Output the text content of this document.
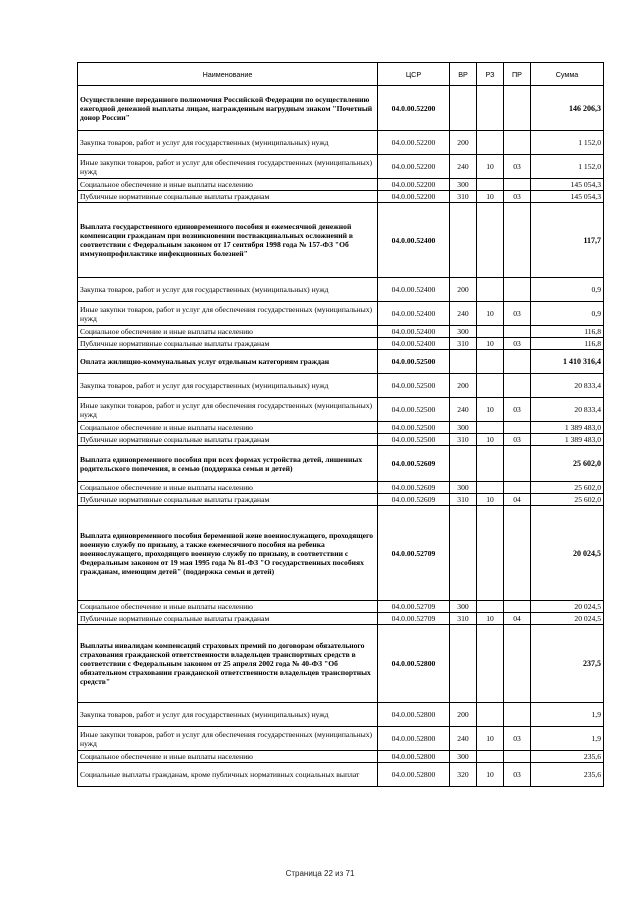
Наименование	ЦСР	ВР	РЗ	ПР	Сумма
Осуществление переданного полномочия Российской Федерации по осуществлению ежегодной денежной выплаты лицам, награжденным нагрудным знаком "Почетный донор России"	04.0.00.52200				146 206,3
Закупка товаров, работ и услуг для государственных (муниципальных) нужд	04.0.00.52200	200			1 152,0
Иные закупки товаров, работ и услуг для обеспечения государственных (муниципальных) нужд	04.0.00.52200	240	10	03	1 152,0
Социальное обеспечение и иные выплаты населению	04.0.00.52200	300			145 054,3
Публичные нормативные социальные выплаты гражданам	04.0.00.52200	310	10	03	145 054,3
Выплата государственного единовременного пособия и ежемесячной денежной компенсации гражданам при возникновении поствакцинальных осложнений в соответствии с Федеральным законом от 17 сентября 1998 года № 157-ФЗ "Об иммунопрофилактике инфекционных болезней"	04.0.00.52400				117,7
Закупка товаров, работ и услуг для государственных (муниципальных) нужд	04.0.00.52400	200			0,9
Иные закупки товаров, работ и услуг для обеспечения государственных (муниципальных) нужд	04.0.00.52400	240	10	03	0,9
Социальное обеспечение и иные выплаты населению	04.0.00.52400	300			116,8
Публичные нормативные социальные выплаты гражданам	04.0.00.52400	310	10	03	116,8
Оплата жилищно-коммунальных услуг отдельным категориям граждан	04.0.00.52500				1 410 316,4
Закупка товаров, работ и услуг для государственных (муниципальных) нужд	04.0.00.52500	200			20 833,4
Иные закупки товаров, работ и услуг для обеспечения государственных (муниципальных) нужд	04.0.00.52500	240	10	03	20 833,4
Социальное обеспечение и иные выплаты населению	04.0.00.52500	300			1 389 483,0
Публичные нормативные социальные выплаты гражданам	04.0.00.52500	310	10	03	1 389 483,0
Выплата единовременного пособия при всех формах устройства детей, лишенных родительского попечения, в семью (поддержка семьи и детей)	04.0.00.52609				25 602,0
Социальное обеспечение и иные выплаты населению	04.0.00.52609	300			25 602,0
Публичные нормативные социальные выплаты гражданам	04.0.00.52609	310	10	04	25 602,0
Выплата единовременного пособия беременной жене военнослужащего, проходящего военную службу по призыву, а также ежемесячного пособия на ребенка военнослужащего, проходящего военную службу по призыву, в соответствии с Федеральным законом от 19 мая 1995 года № 81-ФЗ "О государственных пособиях гражданам, имеющим детей" (поддержка семьи и детей)	04.0.00.52709				20 024,5
Социальное обеспечение и иные выплаты населению	04.0.00.52709	300			20 024,5
Публичные нормативные социальные выплаты гражданам	04.0.00.52709	310	10	04	20 024,5
Выплаты инвалидам компенсаций страховых премий по договорам обязательного страхования гражданской ответственности владельцев транспортных средств в соответствии с Федеральным законом от 25 апреля 2002 года № 40-ФЗ "Об обязательном страховании гражданской ответственности владельцев транспортных средств"	04.0.00.52800				237,5
Закупка товаров, работ и услуг для государственных (муниципальных) нужд	04.0.00.52800	200			1,9
Иные закупки товаров, работ и услуг для обеспечения государственных (муниципальных) нужд	04.0.00.52800	240	10	03	1,9
Социальное обеспечение и иные выплаты населению	04.0.00.52800	300			235,6
Социальные выплаты гражданам, кроме публичных нормативных социальных выплат	04.0.00.52800	320	10	03	235,6
Страница 22 из 71
